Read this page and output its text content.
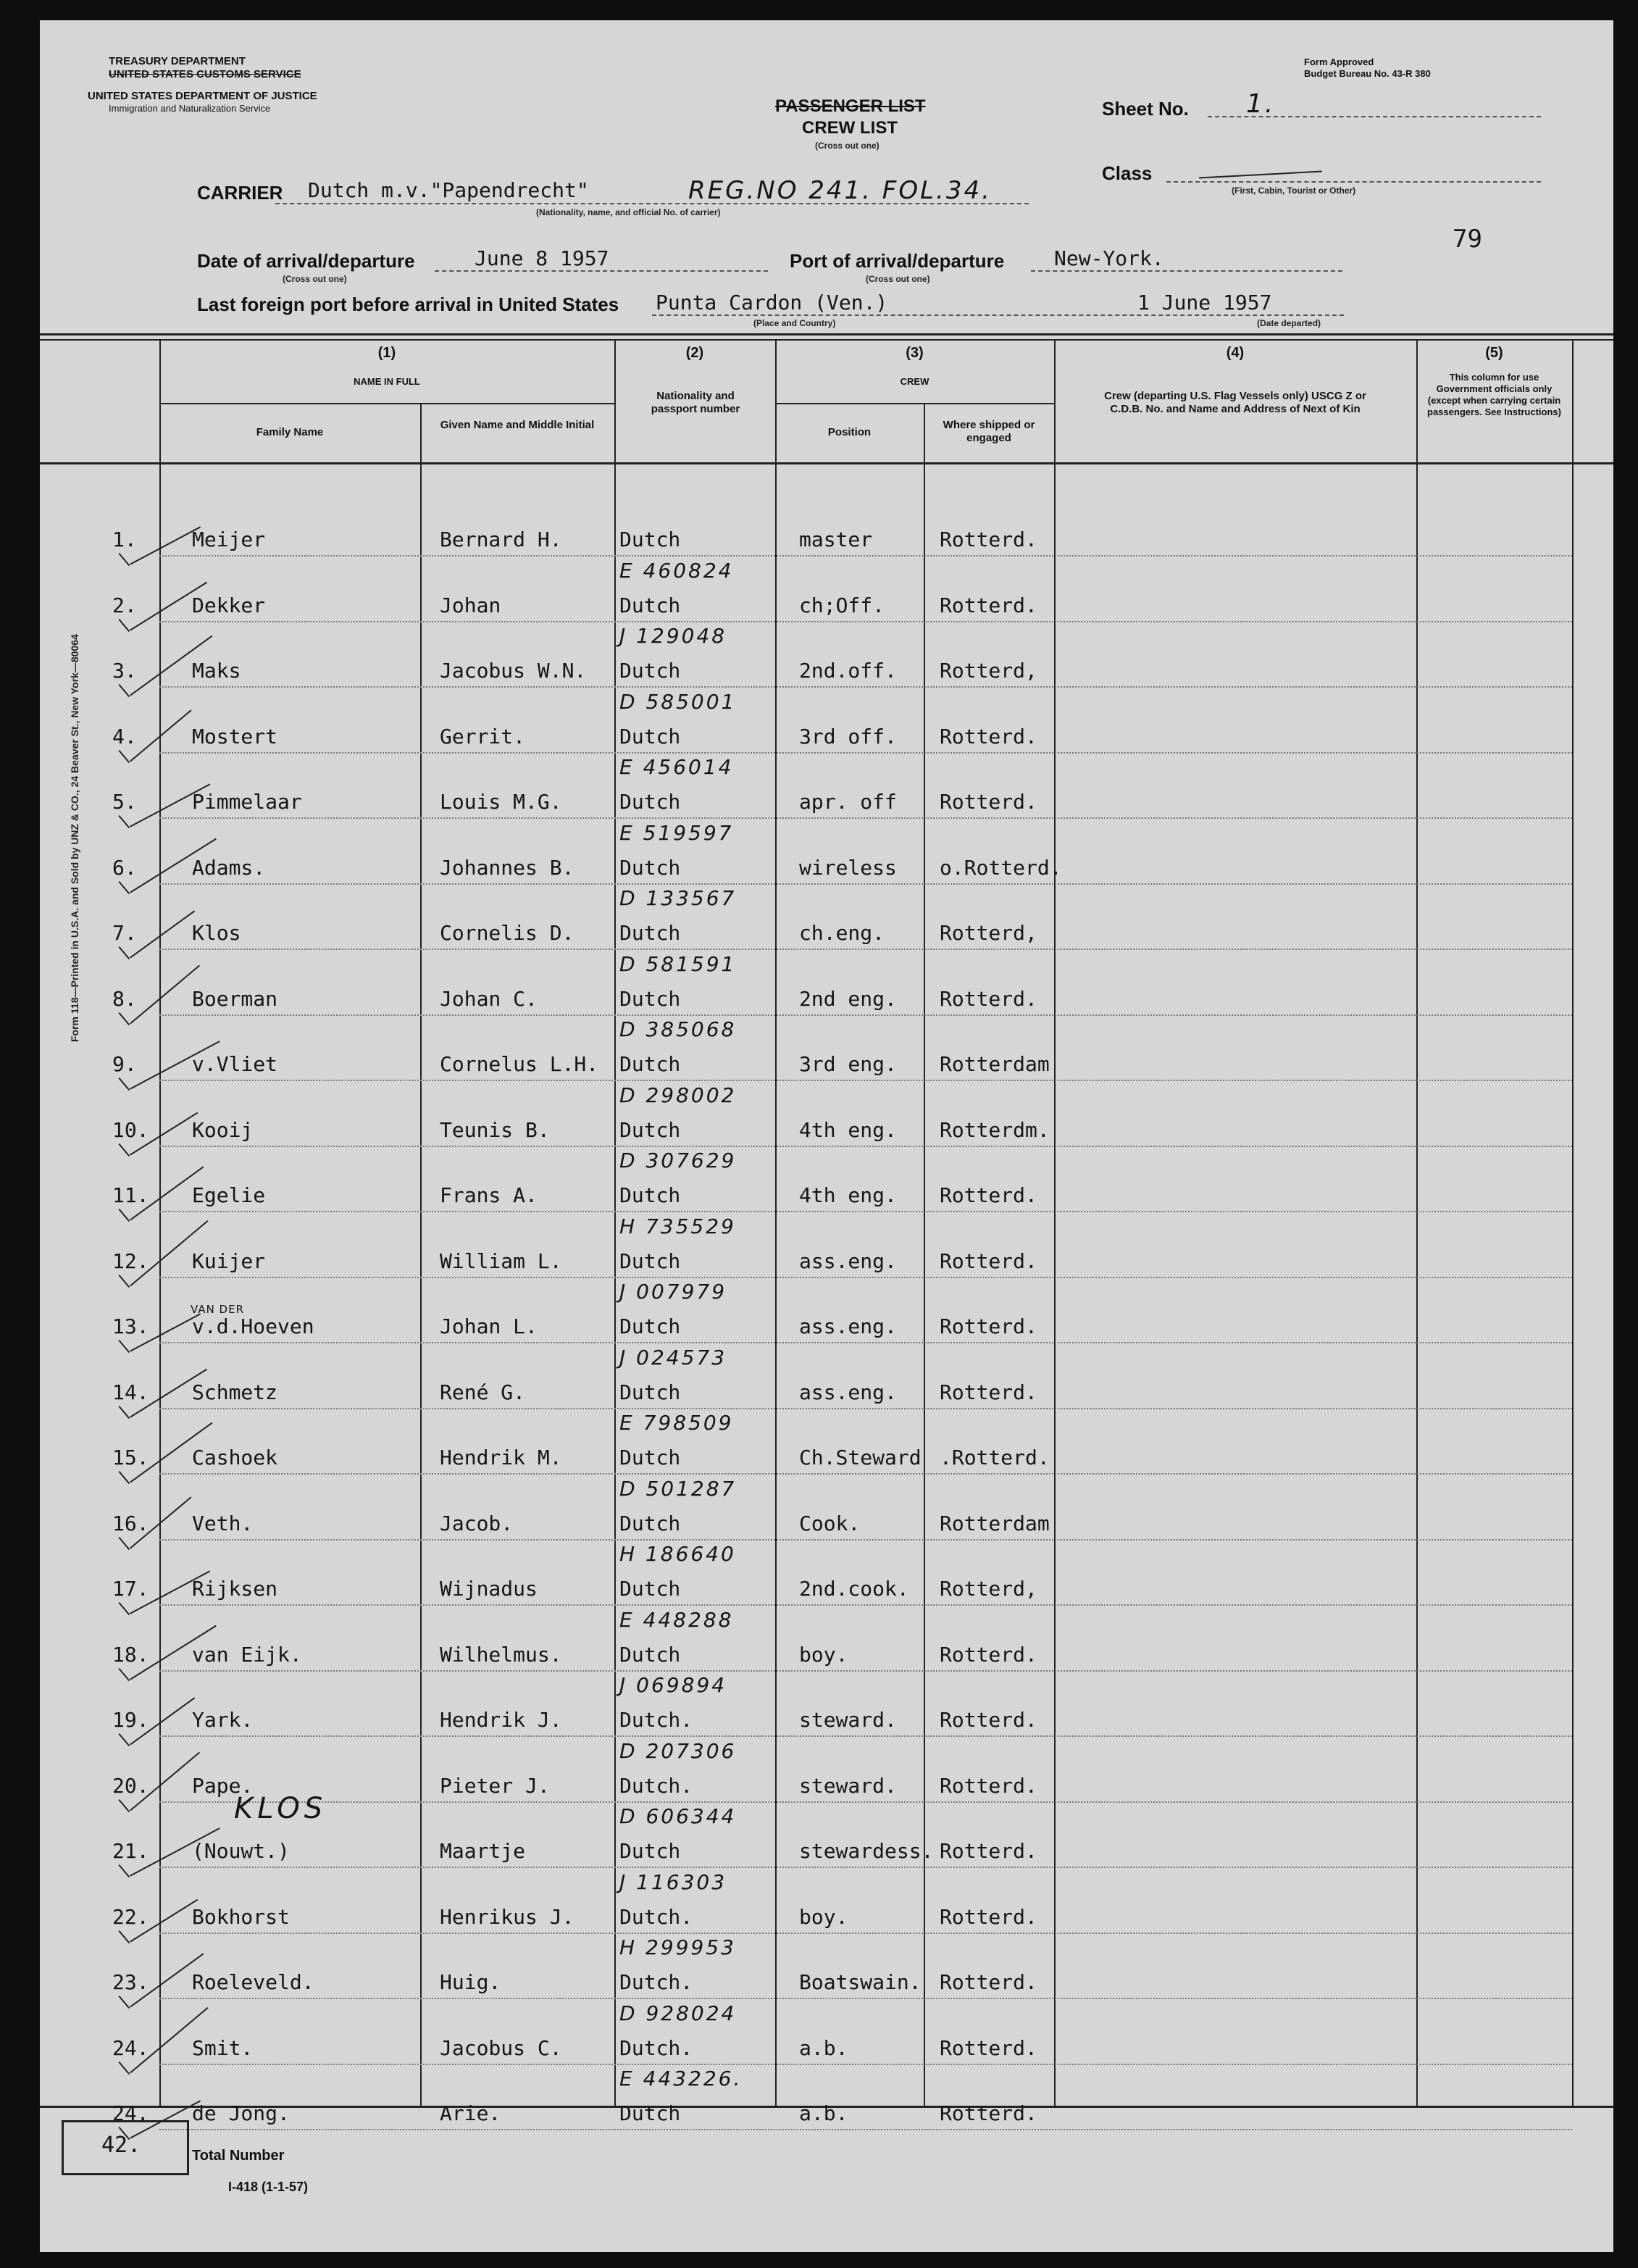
TREASURY DEPARTMENT
UNITED STATES CUSTOMS SERVICE
UNITED STATES DEPARTMENT OF JUSTICE
Immigration and Naturalization Service
Form Approved
Budget Bureau No. 43-R 380
PASSENGER LIST
CREW LIST
(Cross out one)
Sheet No. 1.
Class
(First, Cabin, Tourist or Other)
79
CARRIER Dutch m.v."Papendrecht"	REG.NO 241. FOL.34.
(Nationality, name, and official No. of carrier)
Date of arrival/departure	June 8 1957
(Cross out one)
Port of arrival/departure New-York.
(Cross out one)
Last foreign port before arrival in United States Punta Cardon (Ven.)	1 June 1957
(Place and Country)	(Date departed)
(1)
NAME IN FULL
Family Name
Given Name and Middle Initial
(2)
Nationality and passport number
(3)
CREW
Position
Where shipped or engaged
(4)
Crew (departing U.S. Flag Vessels only) USCG Z or C.D.B. No. and Name and Address of Next of Kin
(5)
This column for use Government officials only (except when carrying certain passengers. See Instructions)
1.	Meijer	Bernard H.	Dutch	master	Rotterd.
2.	Dekker	Johan	Dutch	ch;Off.	Rotterd.
E 460824
3.	Maks	Jacobus W.N. Dutch	2nd.off. Rotterd,
J 129048
4.	Mostert	Gerrit.	Dutch	3rd off. Rotterd.
D 585001
5.	Pimmelaar	Louis M.G.	Dutch	apr. off Rotterd.
E 456014
6.	Adams.	Johannes B. Dutch	wireless o.Rotterd.
E 519597
7.	Klos	Cornelis D. Dutch	ch.eng.	Rotterd,
D 133567
8.	Boerman	Johan C.	Dutch	2nd eng. Rotterd.
D 581591
9.	v.Vliet	Cornelus L.H. Dutch	3rd eng. Rotterdam
D 385068
10. Kooij	Teunis B.	Dutch	4th eng. Rotterdm.
D 298002
11. Egelie	Frans A.	Dutch	4th eng. Rotterd.
D 307629
12. Kuijer	William L.	Dutch	ass.eng. Rotterd.
H 735529
13. v.d.Hoeven	Johan L.	Dutch	ass.eng. Rotterd.
J 007979
14. Schmetz	René G.	Dutch	ass.eng. Rotterd.
J 024573
15. Cashoek	Hendrik M.	Dutch	Ch.Steward .Rotterd.
E 798509
16. Veth.	Jacob.	Dutch	Cook.	Rotterdam
D 501287
17. Rijksen	Wijnadus	Dutch	2nd.cook. Rotterd,
H 186640
18. van Eijk.	Wilhelmus.	Dutch	boy.	Rotterd.
E 448288
19. Yark.	Hendrik J.	Dutch.	steward. Rotterd.
J 069894
20. Pape.	Pieter J.	Dutch.	steward. Rotterd.
D 207306
21. (Nouwt.)	Maartje	Dutch	stewardess. Rotterd.
D 606344
22. Bokhorst	Henrikus J. Dutch.	boy.	Rotterd.
J 116303
23. Roeleveld.	Huig.	Dutch.	Boatswain. Rotterd.
H 299953
24. Smit.	Jacobus C.	Dutch.	a.b.	Rotterd.
D 928024
24. de Jong.	Arie.	Dutch	a.b.	Rotterd.
E 443226.
KLOS
VAN DER
Form 118—Printed in U.S.A. and Sold by UNZ & CO., 24 Beaver St., New York—80064
42.	Total Number
I-418 (1-1-57)
